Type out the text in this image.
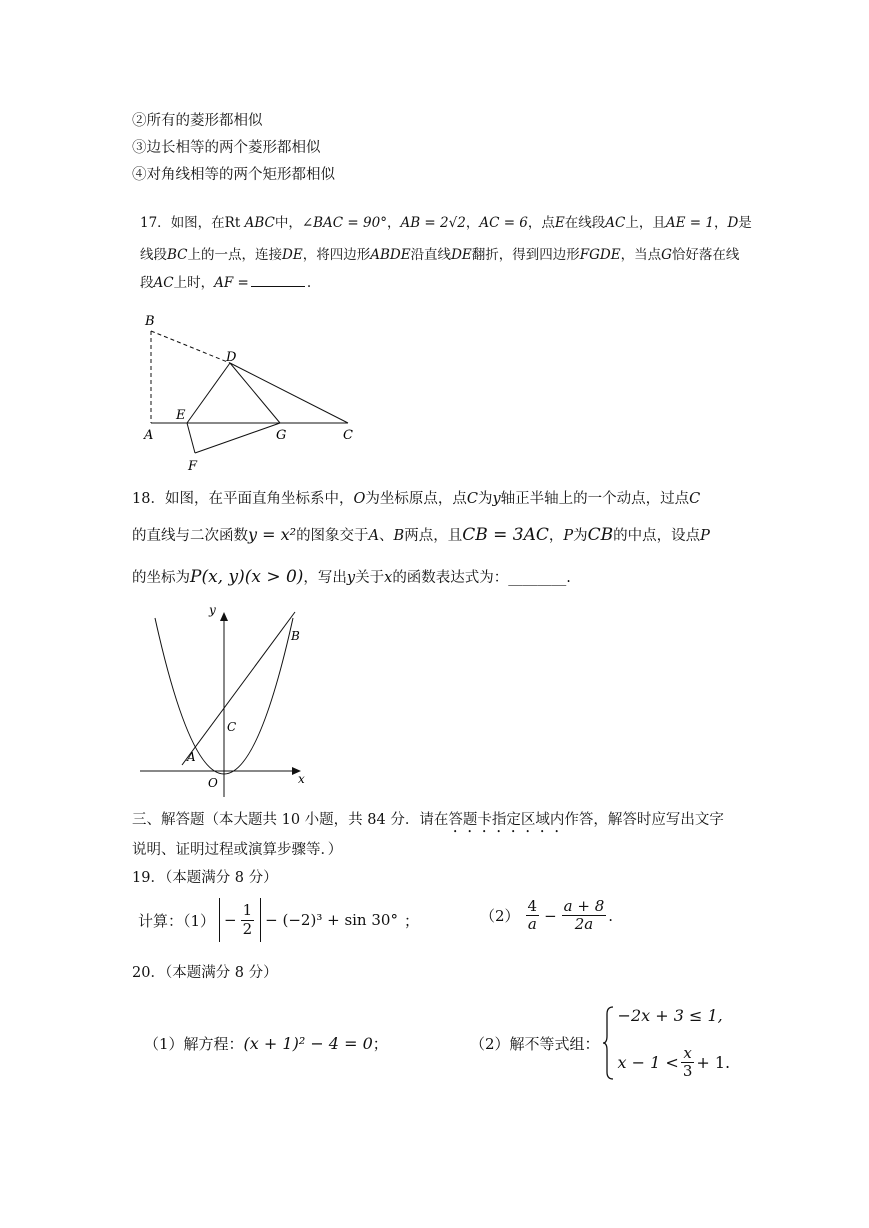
②所有的菱形都相似
③边长相等的两个菱形都相似
④对角线相等的两个矩形都相似
17．如图，在Rt ABC中，∠BAC = 90°，AB = 2√2，AC = 6，点E在线段AC上，且AE = 1，D是
线段BC上的一点，连接DE，将四边形ABDE沿直线DE翻折，得到四边形FGDE，当点G恰好落在线
段AC上时，AF =	.
B
D
E
A	G	C
F
18．如图，在平面直角坐标系中，O为坐标原点，点C为y轴正半轴上的一个动点，过点C
的直线与二次函数y = x²的图象交于A、B两点，且CB = 3AC，P为CB的中点，设点P
的坐标为P(x, y)(x > 0)，写出y关于x的函数表达式为：________.
y
x
O
A
B
C
三、解答题（本大题共 10 小题，共 84 分．请在答题卡指定区域内作答，解答时应写出文字
说明、证明过程或演算步骤等．）
19．（本题满分 8 分）
计算：$(1) - \frac{1}{2} - (-2)^3 + \sin 30^\circ$ ；	$(2) \frac{4}{a} - \frac{a + 8}{2a}$ .
20．（本题满分 8 分）
（1）解方程：(x + 1)² − 4 = 0；	（2）解不等式组：
−2x + 3 ≤ 1,
$x - 1 < \frac{x}{3} + 1$.
